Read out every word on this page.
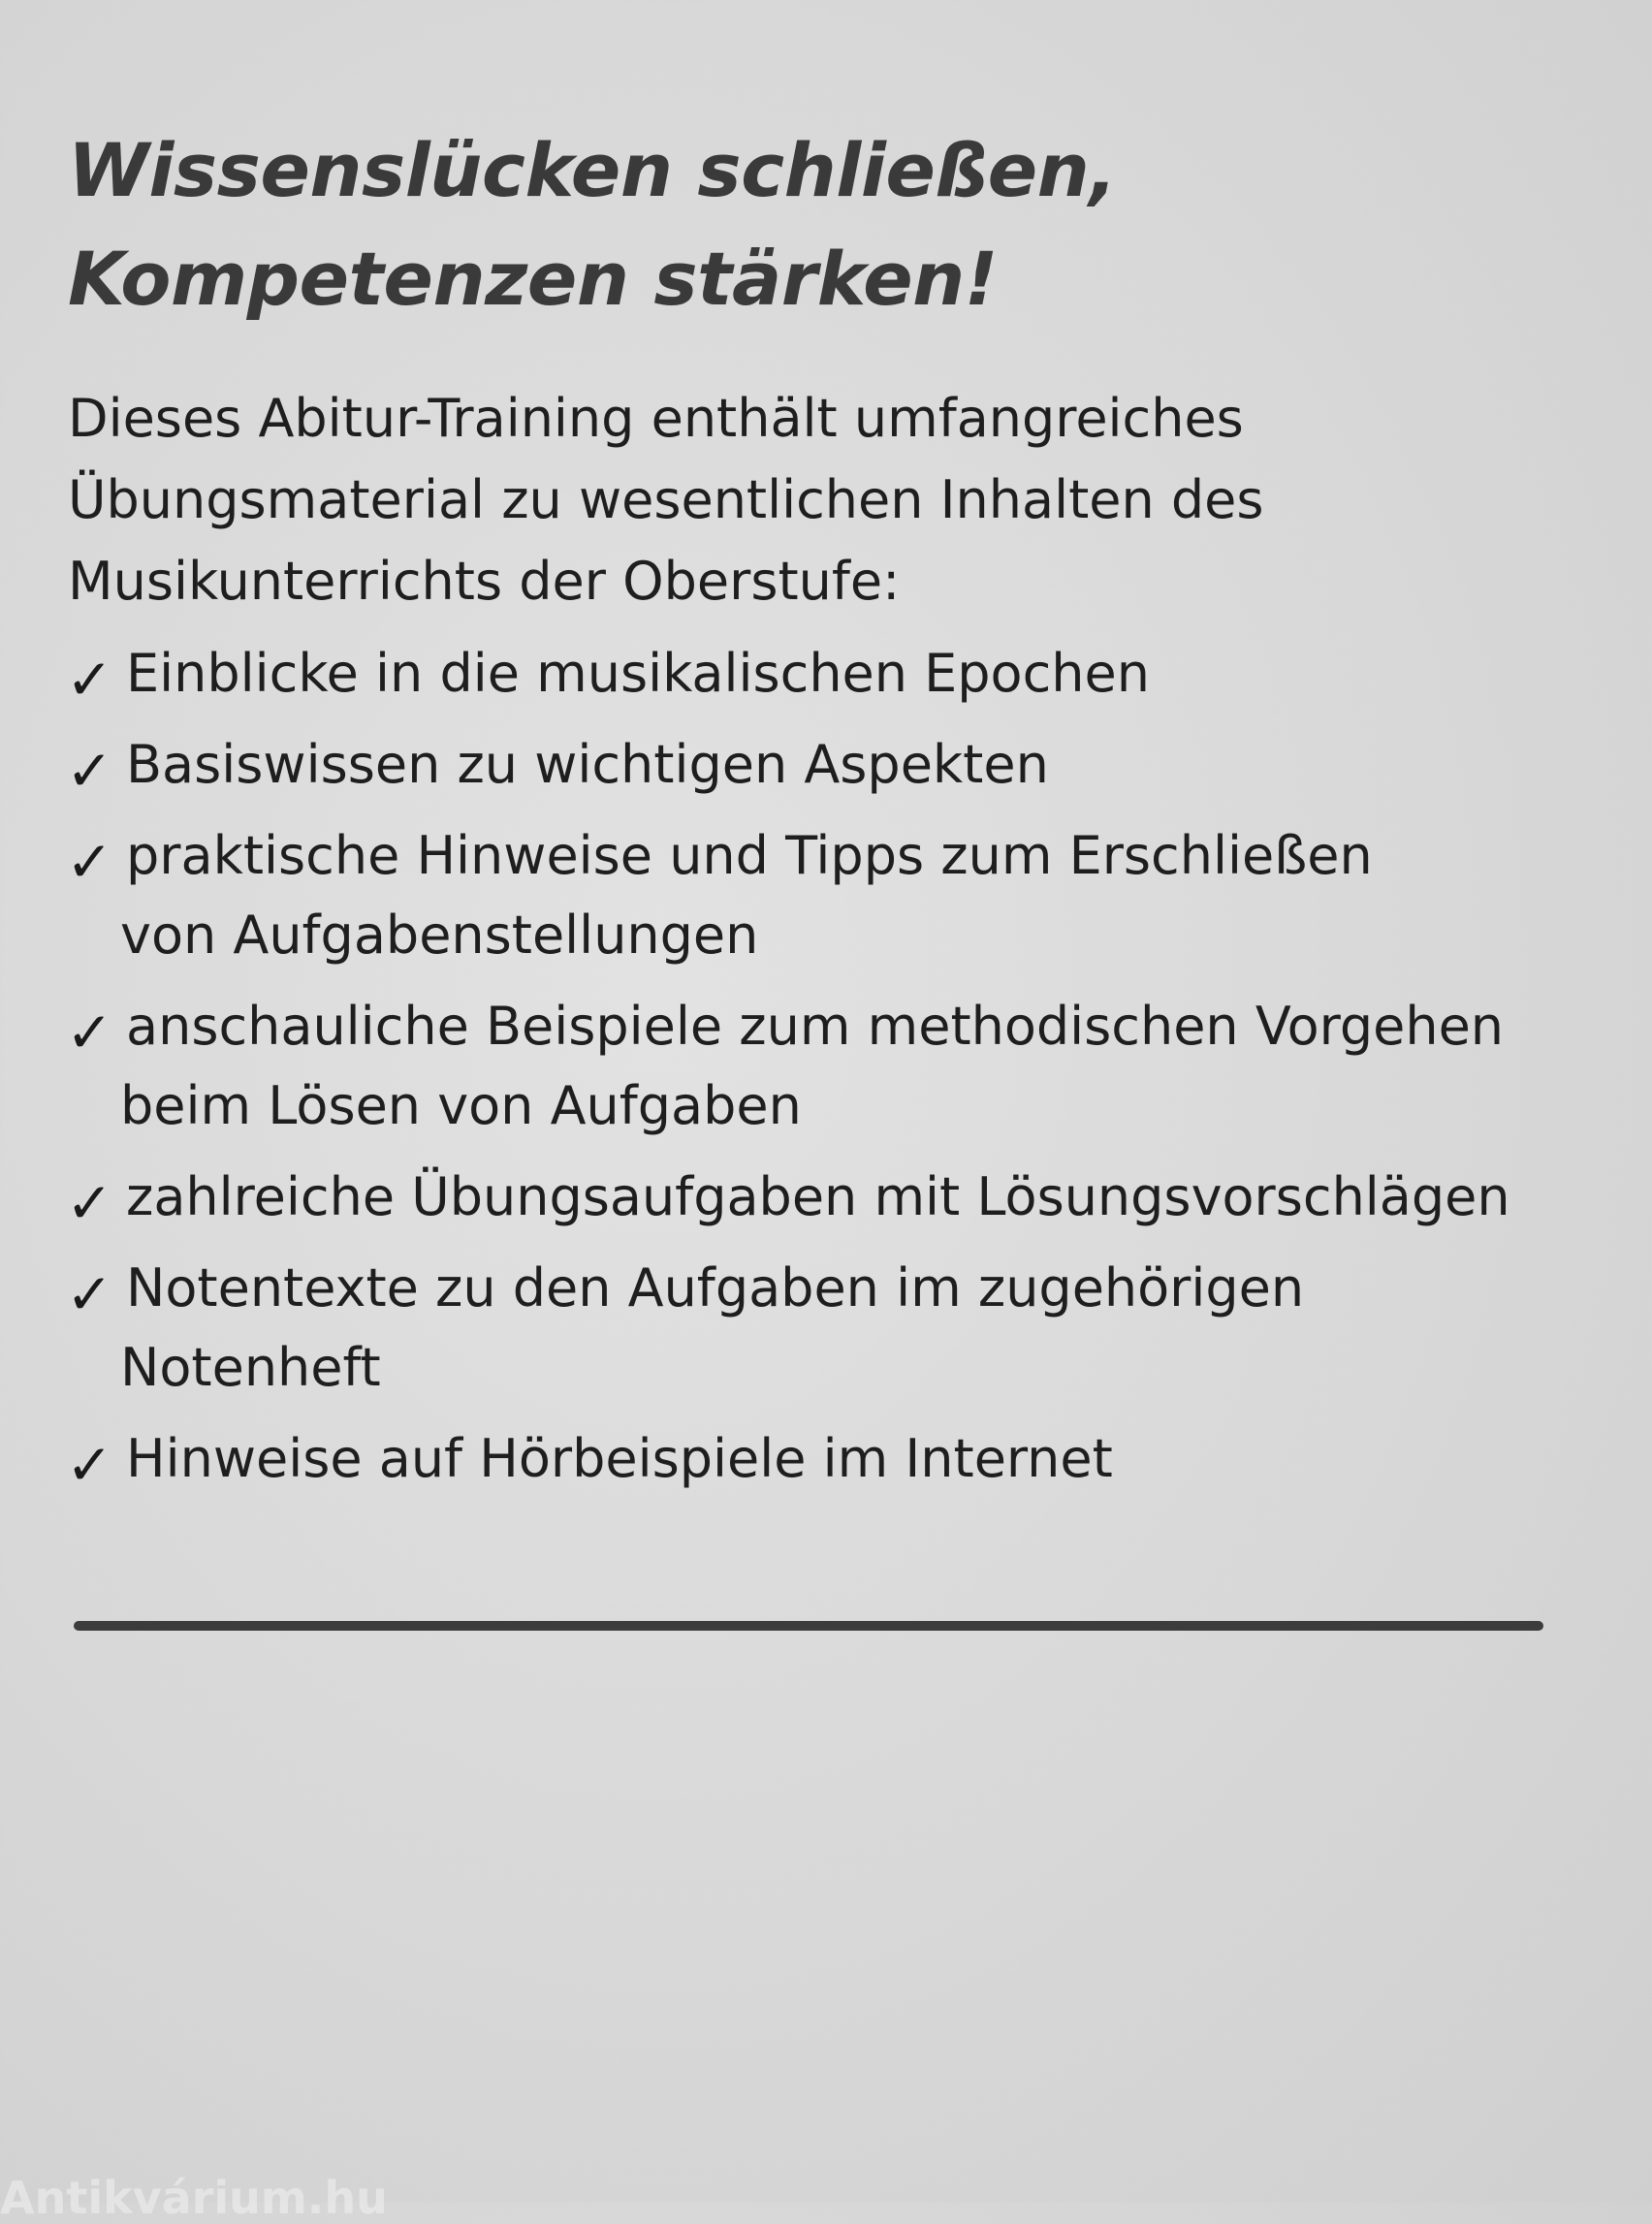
Wissenslücken schließen,
Kompetenzen stärken!

Dieses Abitur-Training enthält umfangreiches
Übungsmaterial zu wesentlichen Inhalten des
Musikunterrichts der Oberstufe:

✓ Einblicke in die musikalischen Epochen
✓ Basiswissen zu wichtigen Aspekten
✓ praktische Hinweise und Tipps zum Erschließen
von Aufgabenstellungen
✓ anschauliche Beispiele zum methodischen Vorgehen
beim Lösen von Aufgaben
✓ zahlreiche Übungsaufgaben mit Lösungsvorschlägen
✓ Notentexte zu den Aufgaben im zugehörigen
Notenheft
✓ Hinweise auf Hörbeispiele im Internet
Antikvárium.hu
